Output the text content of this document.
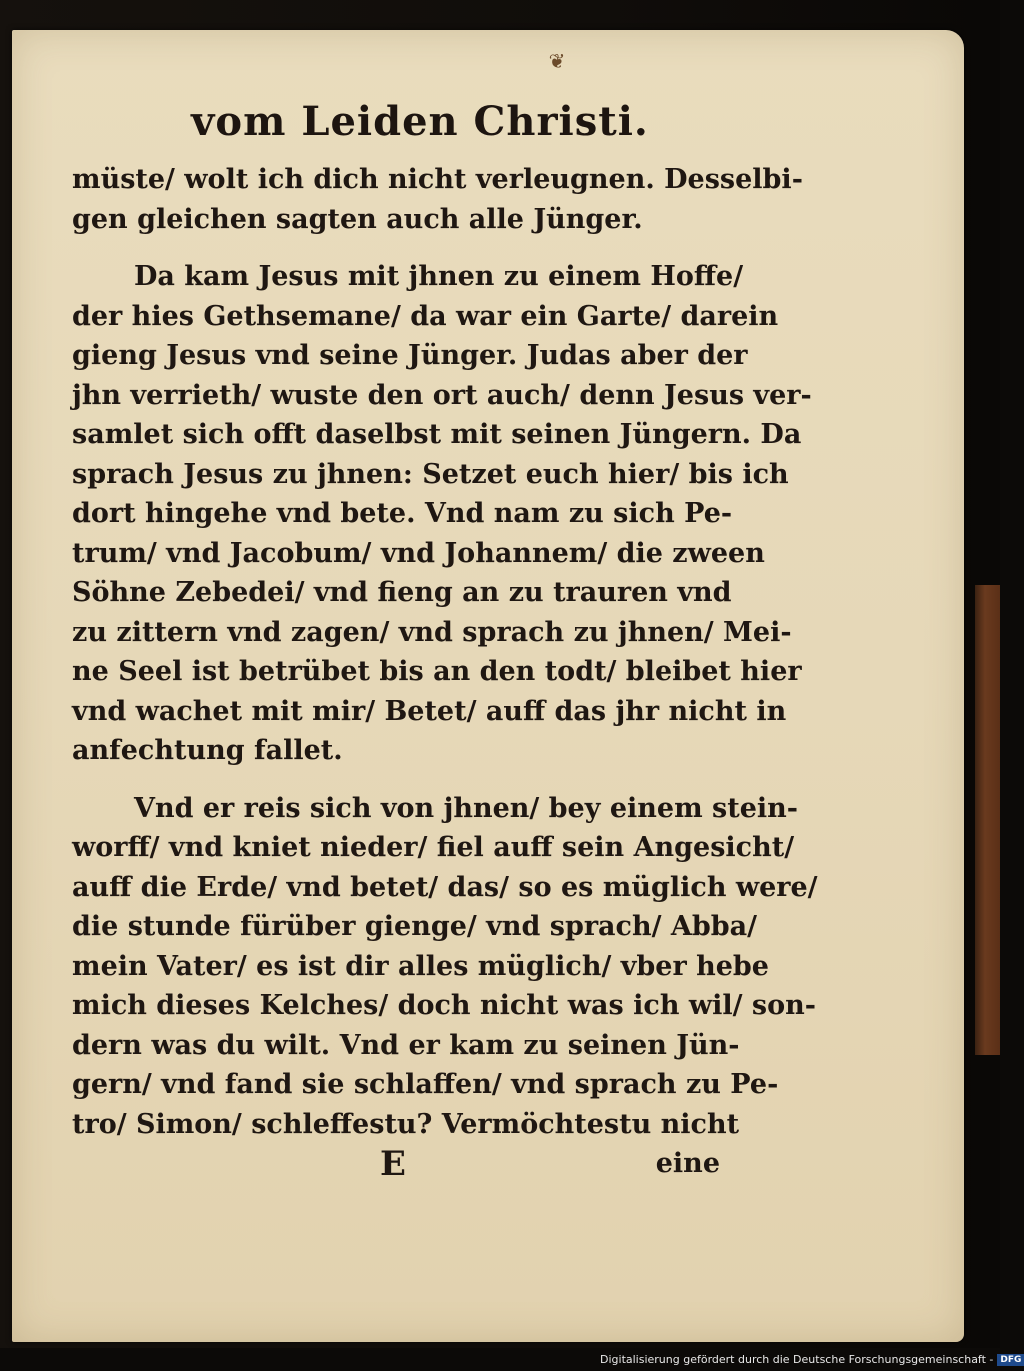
❦
vom Leiden Christi.
müste/ wolt ich dich nicht verleugnen. Desselbi-
gen gleichen sagten auch alle Jünger.
Da kam Jesus mit jhnen zu einem Hoffe/
der hies Gethsemane/ da war ein Garte/ darein
gieng Jesus vnd seine Jünger. Judas aber der
jhn verrieth/ wuste den ort auch/ denn Jesus ver-
samlet sich offt daselbst mit seinen Jüngern. Da
sprach Jesus zu jhnen: Setzet euch hier/ bis ich
dort hingehe vnd bete. Vnd nam zu sich Pe-
trum/ vnd Jacobum/ vnd Johannem/ die zween
Söhne Zebedei/ vnd fieng an zu trauren vnd
zu zittern vnd zagen/ vnd sprach zu jhnen/ Mei-
ne Seel ist betrübet bis an den todt/ bleibet hier
vnd wachet mit mir/ Betet/ auff das jhr nicht in
anfechtung fallet.
Vnd er reis sich von jhnen/ bey einem stein-
worff/ vnd kniet nieder/ fiel auff sein Angesicht/
auff die Erde/ vnd betet/ das/ so es müglich were/
die stunde fürüber gienge/ vnd sprach/ Abba/
mein Vater/ es ist dir alles müglich/ vber hebe
mich dieses Kelches/ doch nicht was ich wil/ son-
dern was du wilt. Vnd er kam zu seinen Jün-
gern/ vnd fand sie schlaffen/ vnd sprach zu Pe-
tro/ Simon/ schleffestu? Vermöchtestu nicht
E	eine
Digitalisierung gefördert durch die Deutsche Forschungsgemeinschaft - DFG
